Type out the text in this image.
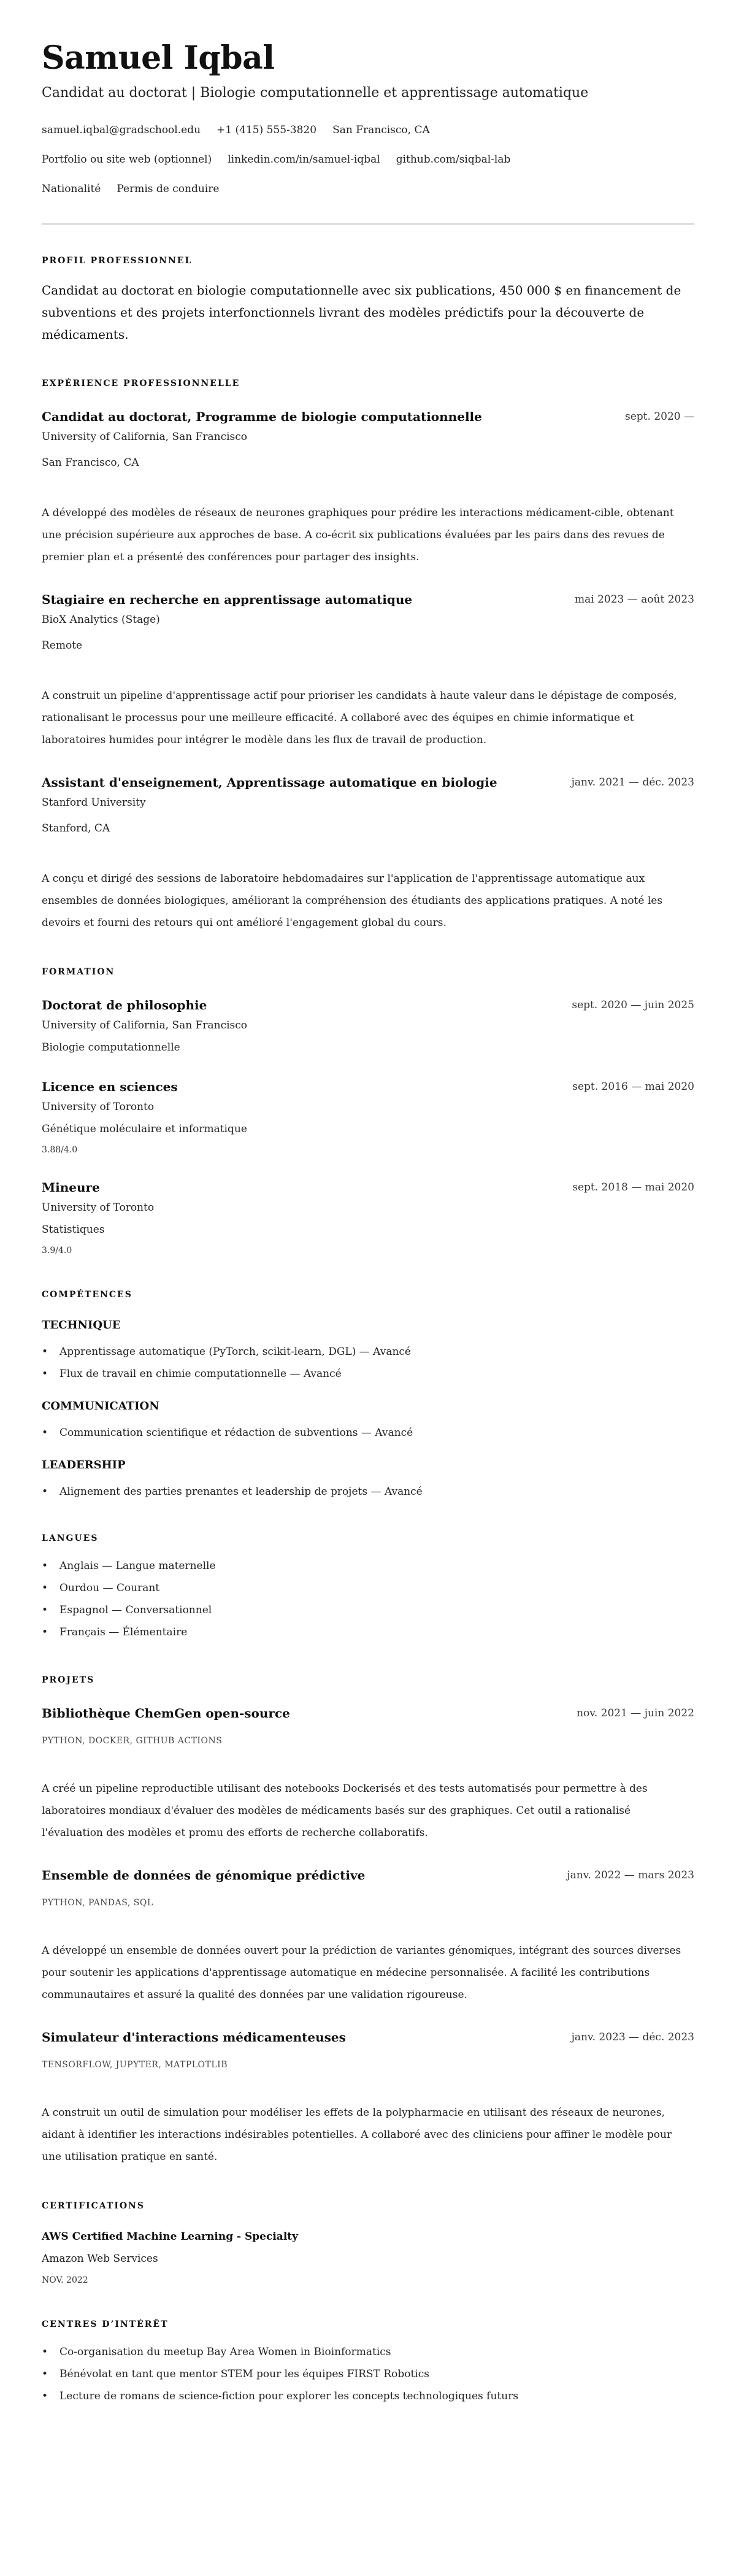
Samuel Iqbal
Candidat au doctorat | Biologie computationnelle et apprentissage automatique
samuel.iqbal@gradschool.edu +1 (415) 555-3820 San Francisco, CA
Portfolio ou site web (optionnel) linkedin.com/in/samuel-iqbal github.com/siqbal-lab
Nationalité Permis de conduire
PROFIL PROFESSIONNEL
Candidat au doctorat en biologie computationnelle avec six publications, 450 000 $ en financement de subventions et des projets interfonctionnels livrant des modèles prédictifs pour la découverte de médicaments.
EXPÉRIENCE PROFESSIONNELLE
Candidat au doctorat, Programme de biologie computationnelle	sept. 2020 —
University of California, San Francisco
San Francisco, CA
A développé des modèles de réseaux de neurones graphiques pour prédire les interactions médicament-cible, obtenant une précision supérieure aux approches de base. A co-écrit six publications évaluées par les pairs dans des revues de premier plan et a présenté des conférences pour partager des insights.
Stagiaire en recherche en apprentissage automatique	mai 2023 — août 2023
BioX Analytics (Stage)
Remote
A construit un pipeline d'apprentissage actif pour prioriser les candidats à haute valeur dans le dépistage de composés, rationalisant le processus pour une meilleure efficacité. A collaboré avec des équipes en chimie informatique et laboratoires humides pour intégrer le modèle dans les flux de travail de production.
Assistant d'enseignement, Apprentissage automatique en biologie	janv. 2021 — déc. 2023
Stanford University
Stanford, CA
A conçu et dirigé des sessions de laboratoire hebdomadaires sur l'application de l'apprentissage automatique aux ensembles de données biologiques, améliorant la compréhension des étudiants des applications pratiques. A noté les devoirs et fourni des retours qui ont amélioré l'engagement global du cours.
FORMATION
Doctorat de philosophie	sept. 2020 — juin 2025
University of California, San Francisco
Biologie computationnelle
Licence en sciences	sept. 2016 — mai 2020
University of Toronto
Génétique moléculaire et informatique
3.88/4.0
Mineure	sept. 2018 — mai 2020
University of Toronto
Statistiques
3.9/4.0
COMPÉTENCES
TECHNIQUE
• Apprentissage automatique (PyTorch, scikit-learn, DGL) — Avancé
• Flux de travail en chimie computationnelle — Avancé
COMMUNICATION
• Communication scientifique et rédaction de subventions — Avancé
LEADERSHIP
• Alignement des parties prenantes et leadership de projets — Avancé
LANGUES
• Anglais — Langue maternelle
• Ourdou — Courant
• Espagnol — Conversationnel
• Français — Élémentaire
PROJETS
Bibliothèque ChemGen open-source	nov. 2021 — juin 2022
PYTHON, DOCKER, GITHUB ACTIONS
A créé un pipeline reproductible utilisant des notebooks Dockerisés et des tests automatisés pour permettre à des laboratoires mondiaux d'évaluer des modèles de médicaments basés sur des graphiques. Cet outil a rationalisé l'évaluation des modèles et promu des efforts de recherche collaboratifs.
Ensemble de données de génomique prédictive	janv. 2022 — mars 2023
PYTHON, PANDAS, SQL
A développé un ensemble de données ouvert pour la prédiction de variantes génomiques, intégrant des sources diverses pour soutenir les applications d'apprentissage automatique en médecine personnalisée. A facilité les contributions communautaires et assuré la qualité des données par une validation rigoureuse.
Simulateur d'interactions médicamenteuses	janv. 2023 — déc. 2023
TENSORFLOW, JUPYTER, MATPLOTLIB
A construit un outil de simulation pour modéliser les effets de la polypharmacie en utilisant des réseaux de neurones, aidant à identifier les interactions indésirables potentielles. A collaboré avec des cliniciens pour affiner le modèle pour une utilisation pratique en santé.
CERTIFICATIONS
AWS Certified Machine Learning - Specialty
Amazon Web Services
NOV. 2022
CENTRES D’INTÉRÊT
• Co-organisation du meetup Bay Area Women in Bioinformatics
• Bénévolat en tant que mentor STEM pour les équipes FIRST Robotics
• Lecture de romans de science-fiction pour explorer les concepts technologiques futurs
